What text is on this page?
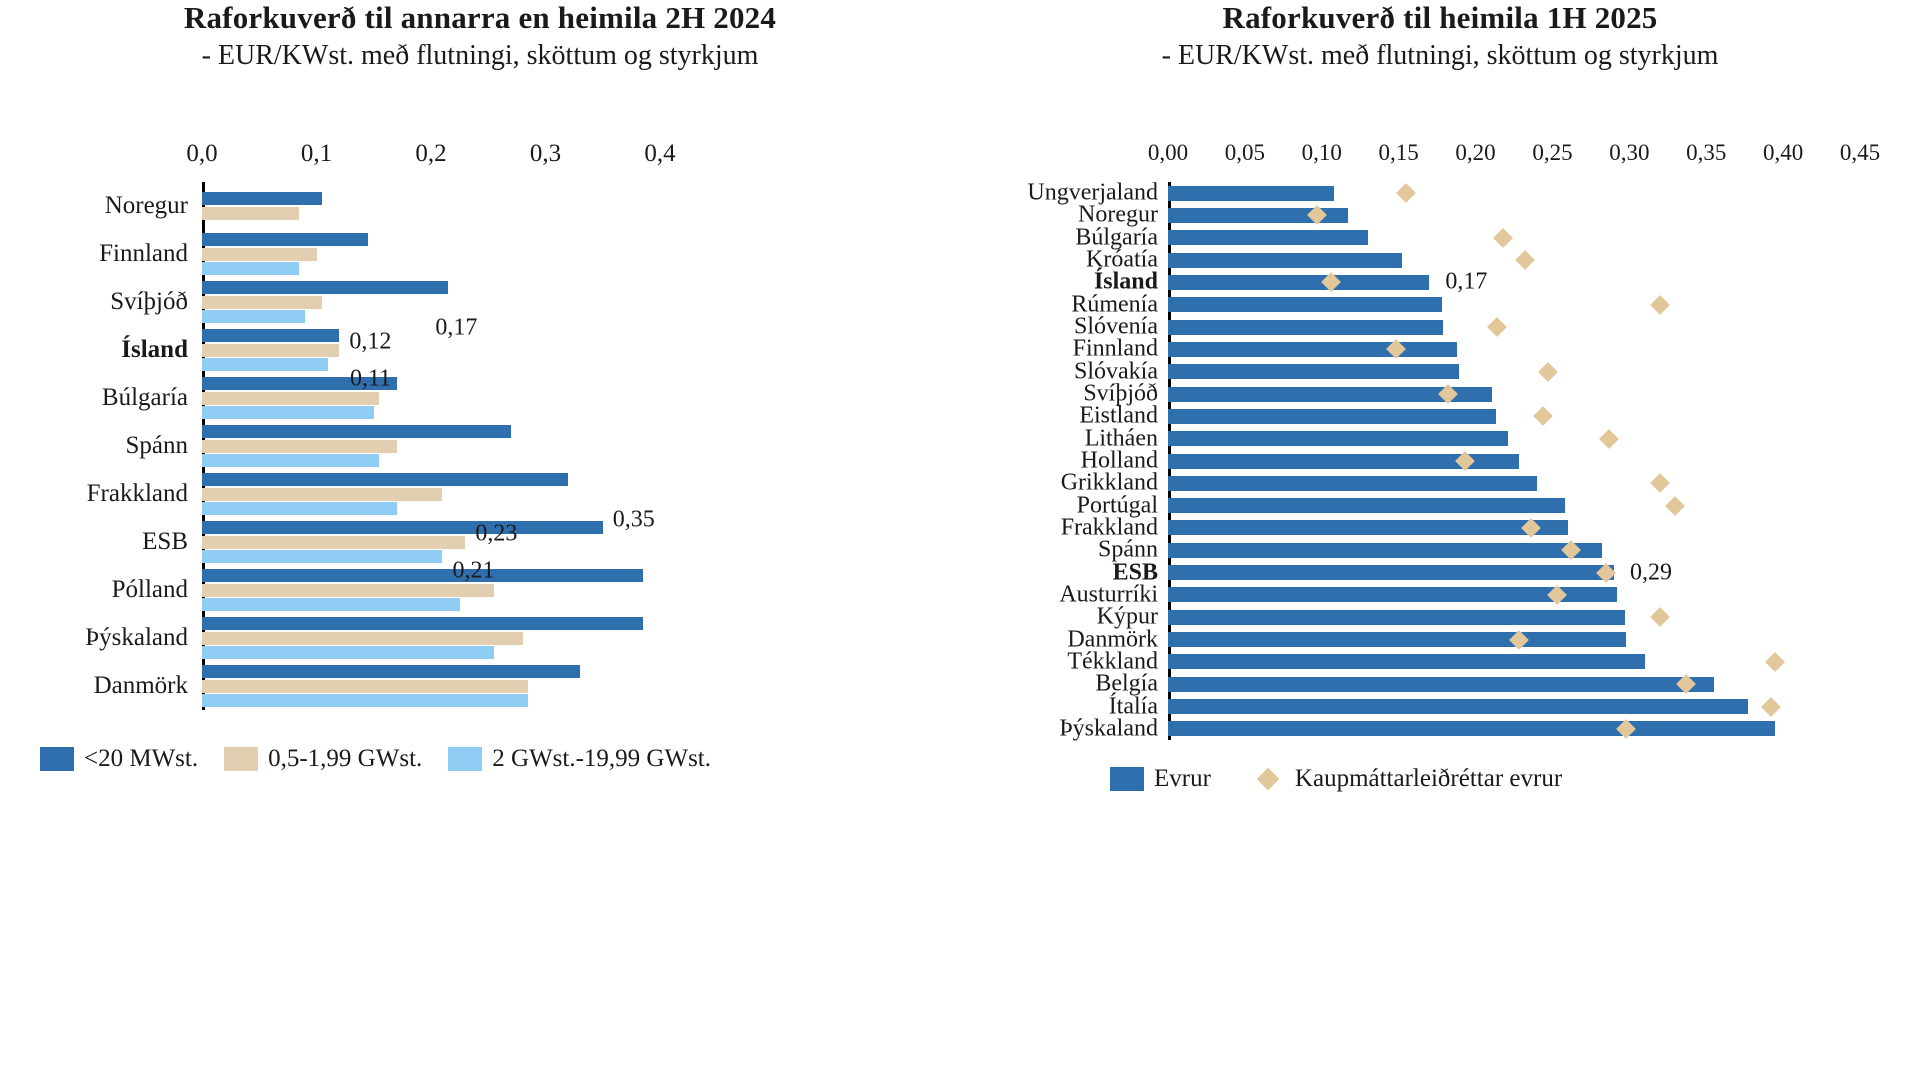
Raforkuverð til annarra en heimila 2H 2024
- EUR/KWst. með flutningi, sköttum og styrkjum
0,0	0,1	0,2	0,3	0,4
Noregur
Finnland
Svíþjóð
Ísland
Búlgaría
Spánn
Frakkland
ESB
Pólland
Þýskaland
Danmörk
0,12
0,17
0,11
0,23
0,35
0,21
<20 MWst.	0,5-1,99 GWst.	2 GWst.-19,99 GWst.
Raforkuverð til heimila 1H 2025
- EUR/KWst. með flutningi, sköttum og styrkjum
0,00 0,05 0,10 0,15 0,20 0,25 0,30 0,35 0,40 0,45
Ungverjaland
Noregur
Búlgaría
Króatía
Ísland
Rúmenía
Slóvenía
Finnland
Slóvakía
Svíþjóð
Eistland
Litháen
Holland
Grikkland
Portúgal
Frakkland
Spánn
ESB
Austurríki
Kýpur
Danmörk
Tékkland
Belgía
Ítalía
Þýskaland
0,17
0,29
Evrur	Kaupmáttarleiðréttar evrur
